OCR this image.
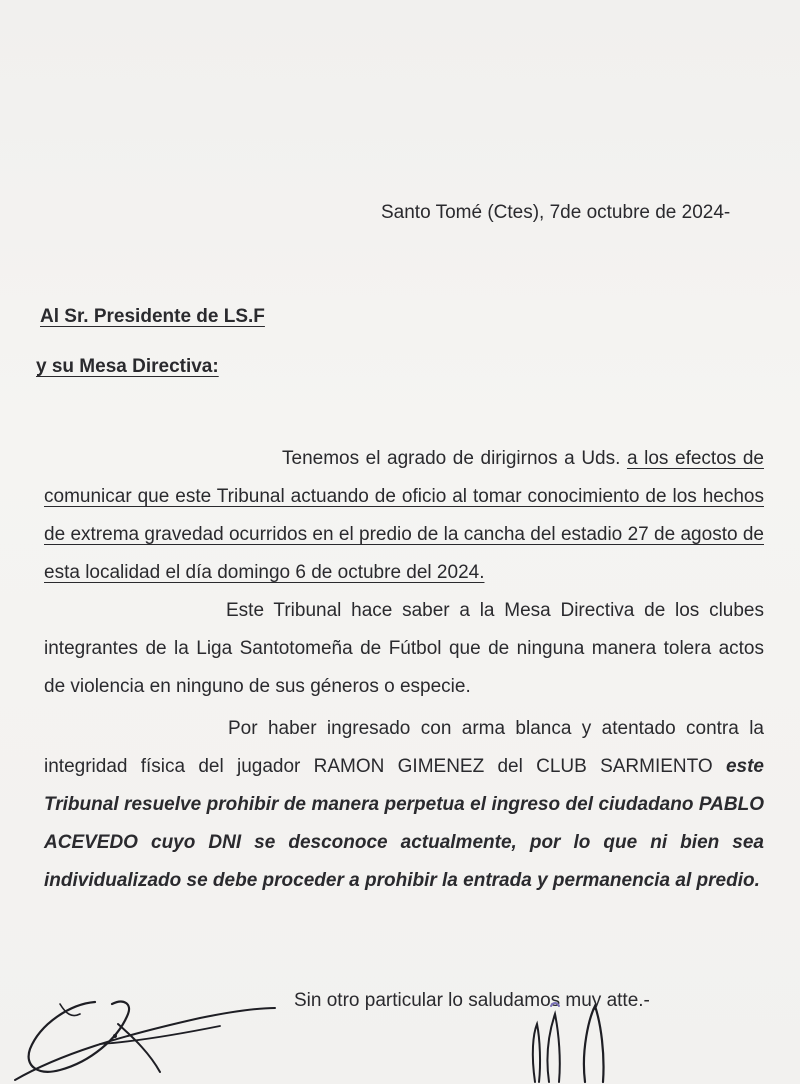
Santo Tomé (Ctes), 7de octubre de 2024-
Al Sr. Presidente de LS.F
y su Mesa Directiva:
Tenemos el agrado de dirigirnos a Uds. a los efectos de comunicar que este Tribunal actuando de oficio al tomar conocimiento de los hechos de extrema gravedad ocurridos en el predio de la cancha del estadio 27 de agosto de esta localidad el día domingo 6 de octubre del 2024.
Este Tribunal hace saber a la Mesa Directiva de los clubes integrantes de la Liga Santotomeña de Fútbol que de ninguna manera tolera actos de violencia en ninguno de sus géneros o especie.
Por haber ingresado con arma blanca y atentado contra la integridad física del jugador RAMON GIMENEZ del CLUB SARMIENTO este Tribunal resuelve prohibir de manera perpetua el ingreso del ciudadano PABLO ACEVEDO cuyo DNI se desconoce actualmente, por lo que ni bien sea individualizado se debe proceder a prohibir la entrada y permanencia al predio.
Sin otro particular lo saludamos muy atte.-
